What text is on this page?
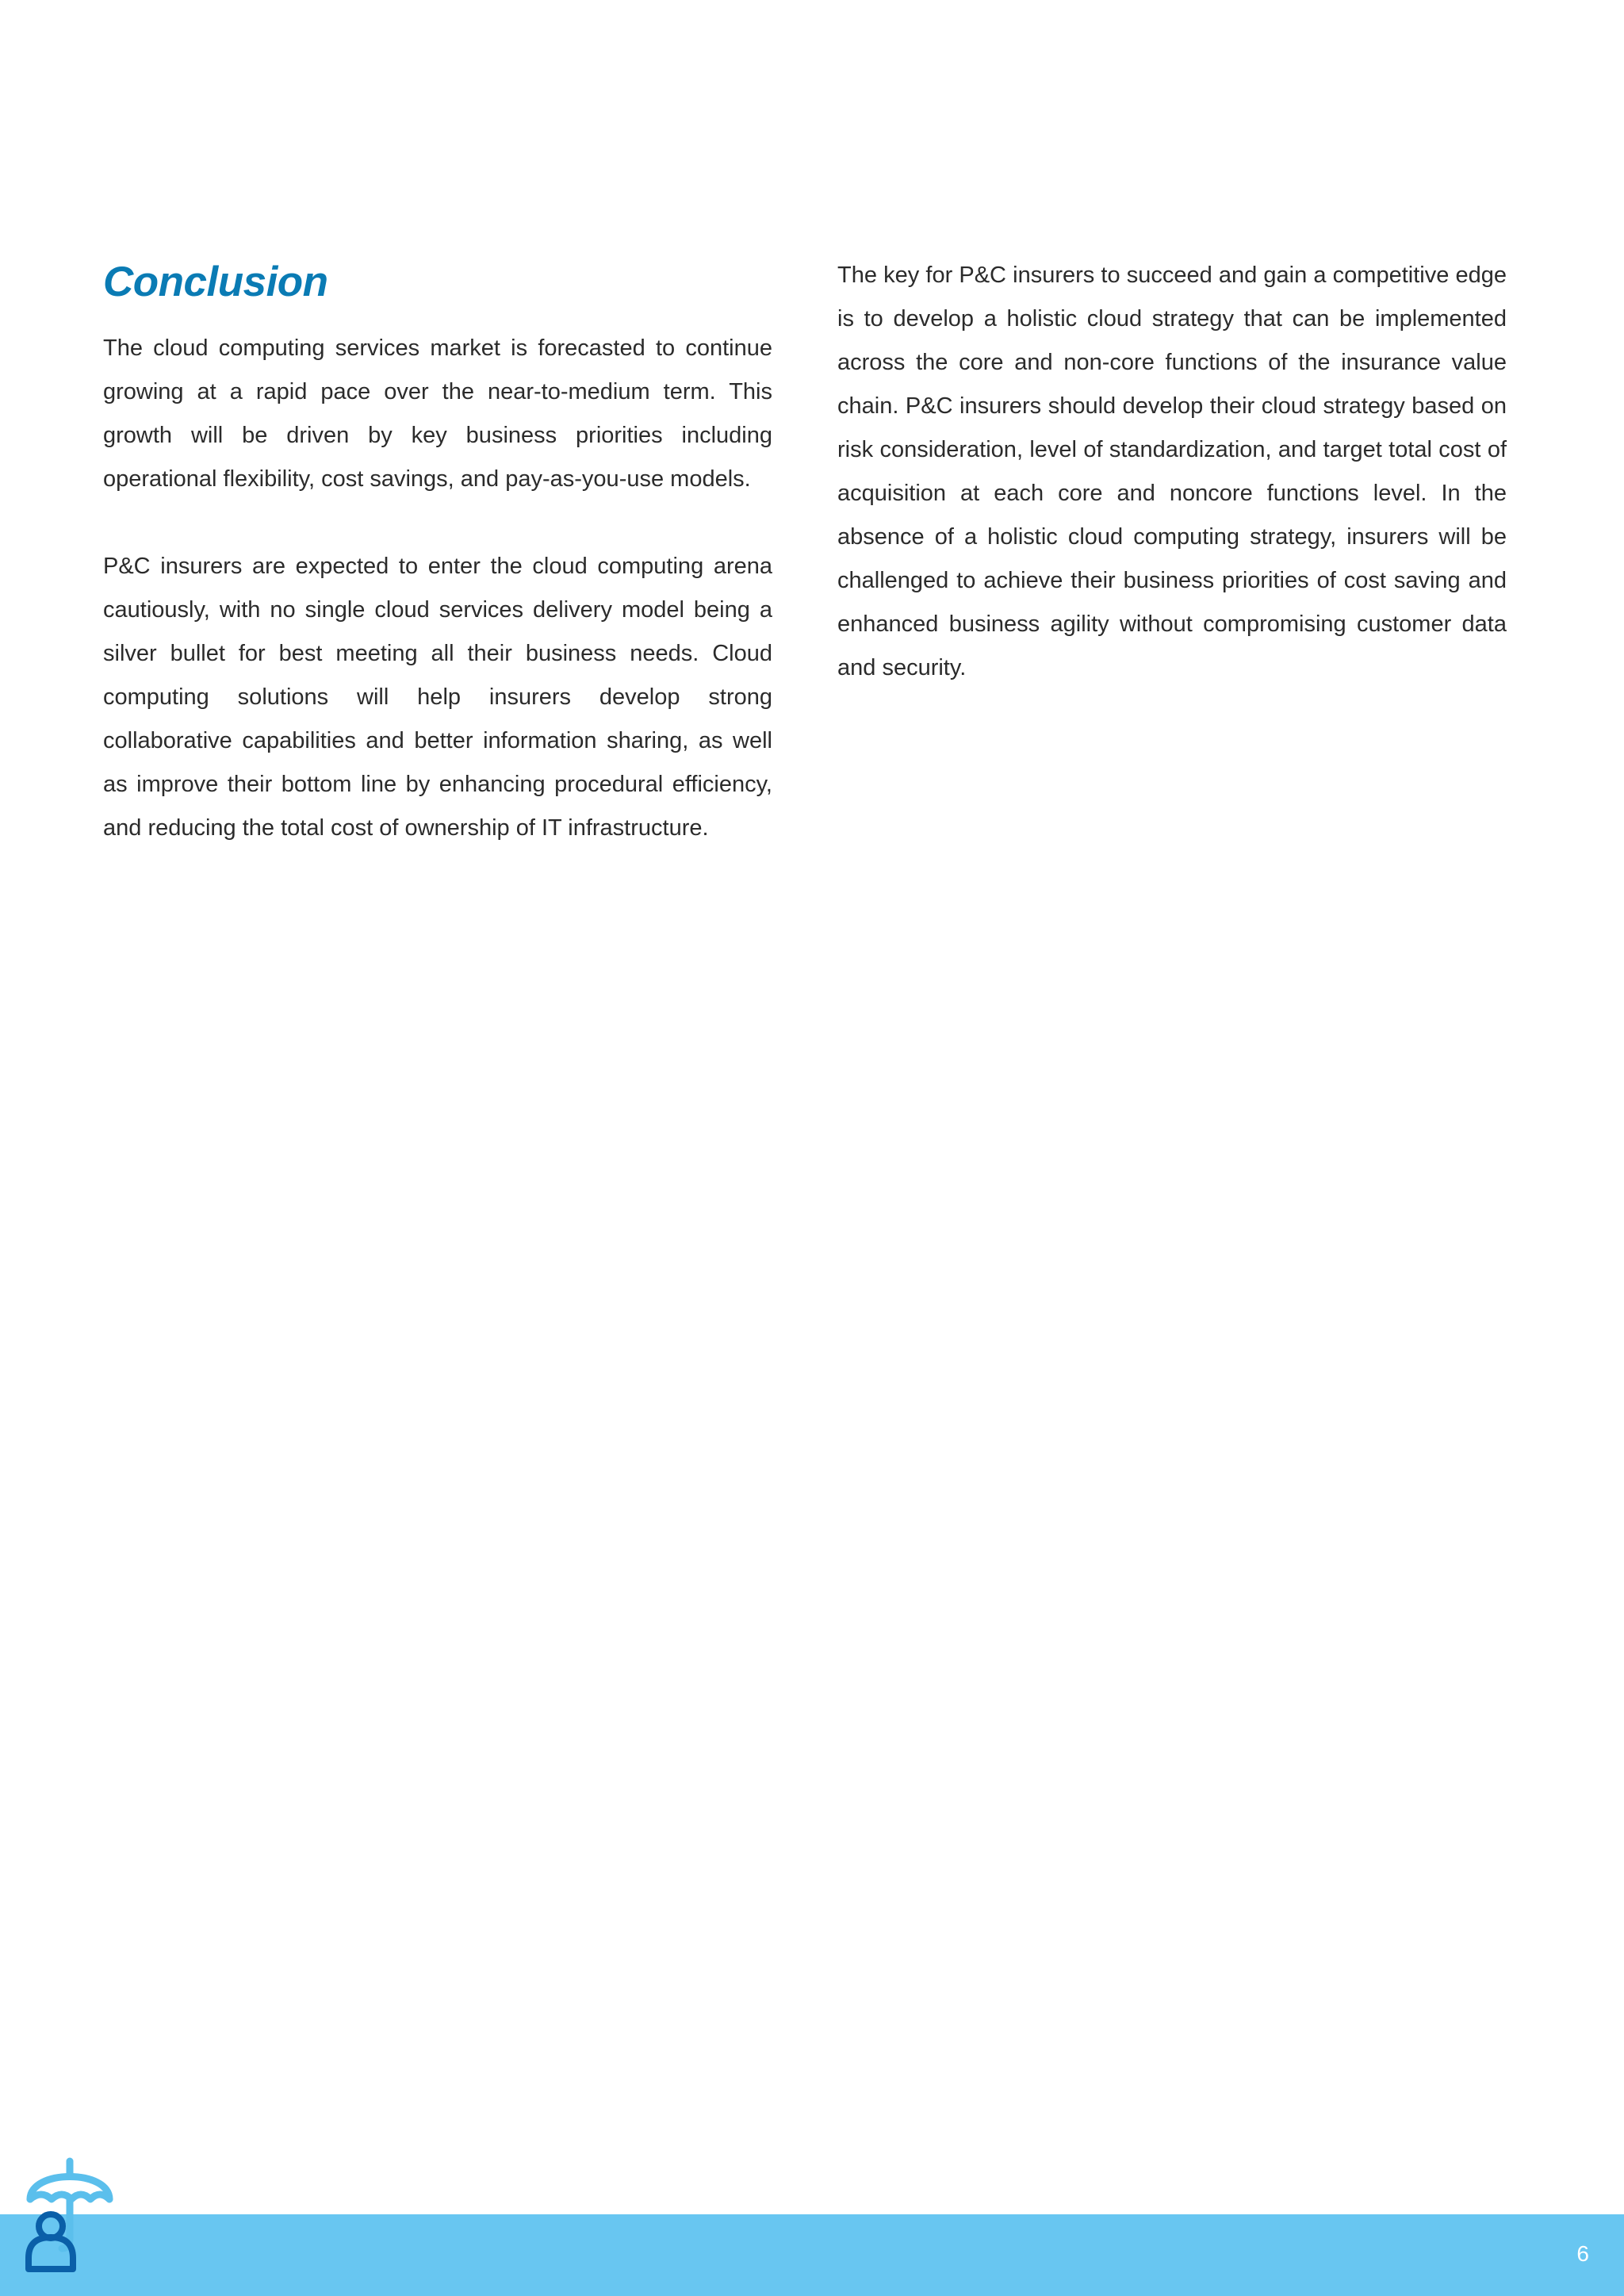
Conclusion

The cloud computing services market is forecasted to continue growing at a rapid pace over the near-to-medium term. This growth will be driven by key business priorities including operational flexibility, cost savings, and pay-as-you-use models.

P&C insurers are expected to enter the cloud computing arena cautiously, with no single cloud services delivery model being a silver bullet for best meeting all their business needs. Cloud computing solutions will help insurers develop strong collaborative capabilities and better information sharing, as well as improve their bottom line by enhancing procedural efficiency, and reducing the total cost of ownership of IT infrastructure.

The key for P&C insurers to succeed and gain a competitive edge is to develop a holistic cloud strategy that can be implemented across the core and non-core functions of the insurance value chain. P&C insurers should develop their cloud strategy based on risk consideration, level of standardization, and target total cost of acquisition at each core and noncore functions level. In the absence of a holistic cloud computing strategy, insurers will be challenged to achieve their business priorities of cost saving and enhanced business agility without compromising customer data and security.

6
